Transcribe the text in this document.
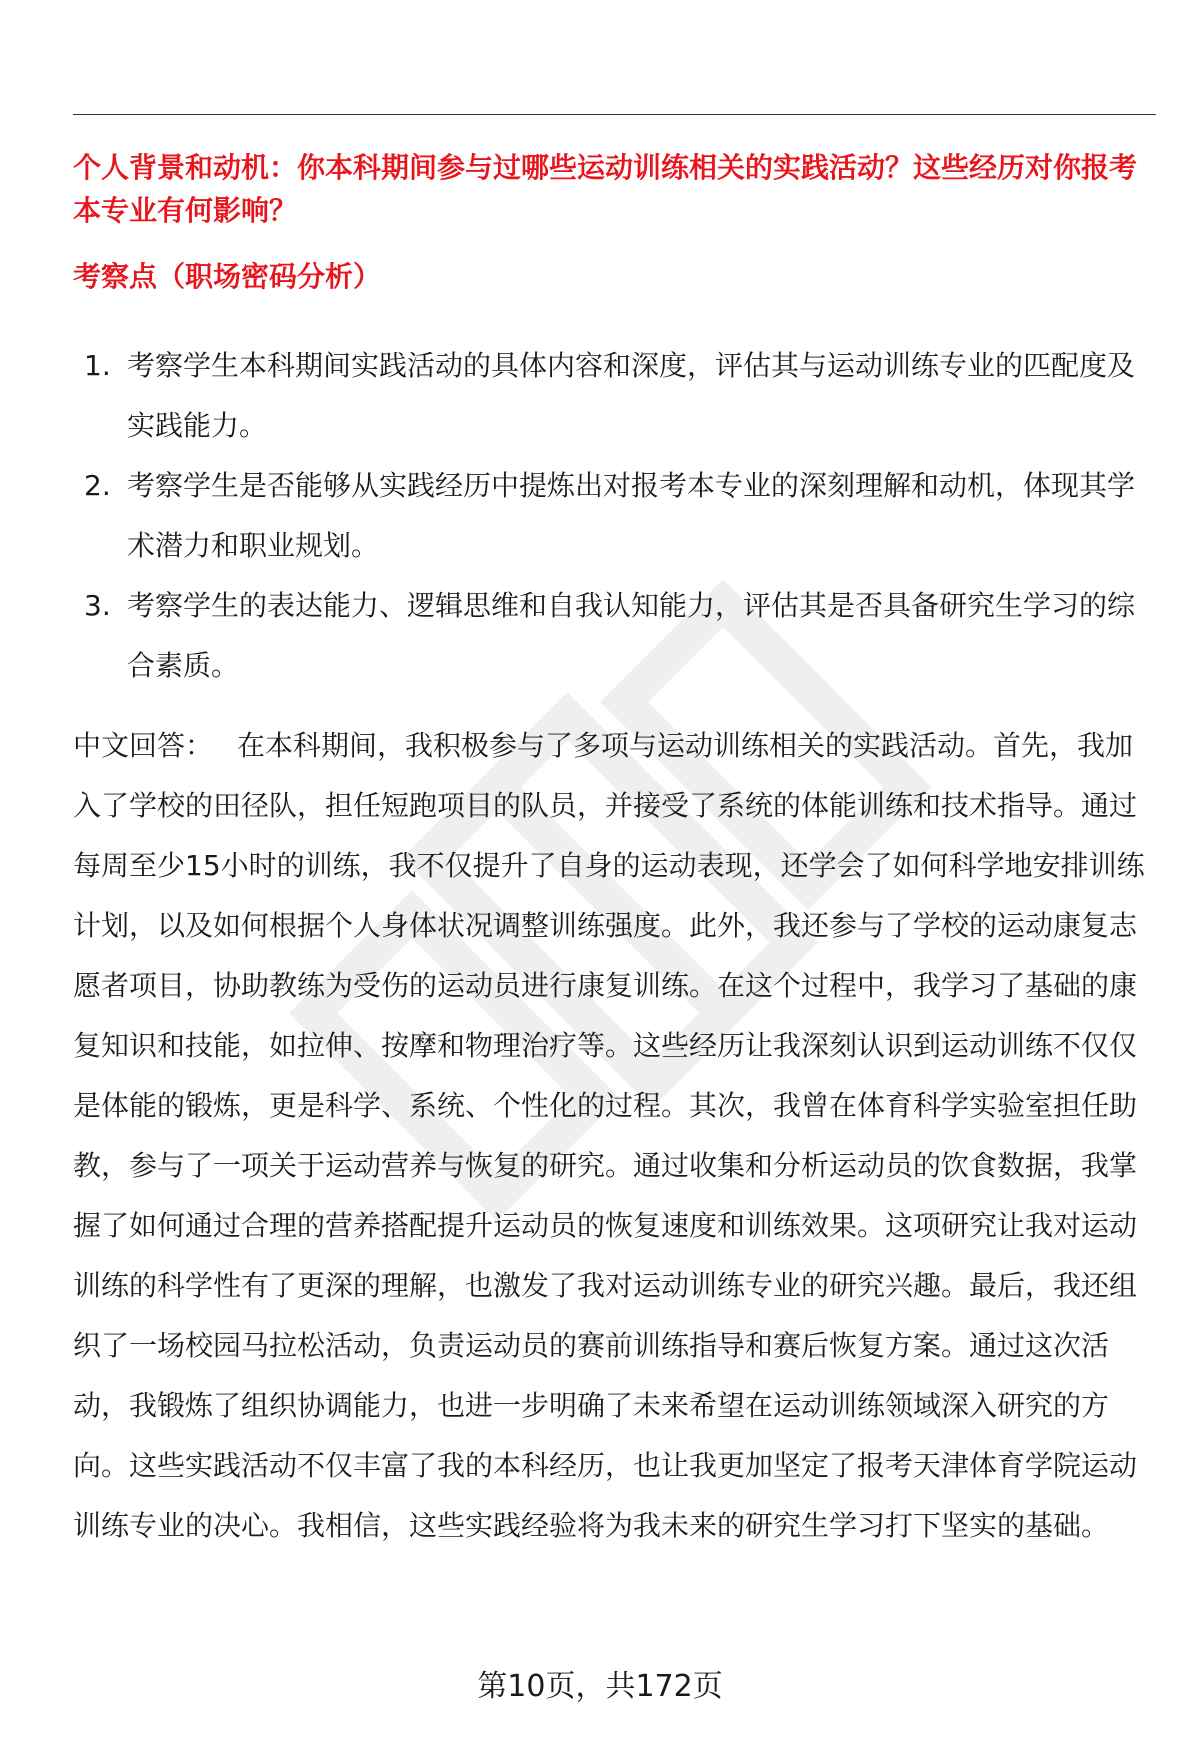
个人背景和动机：你本科期间参与过哪些运动训练相关的实践活动？这些经历对你报考本专业有何影响？

考察点（职场密码分析）

1. 考察学生本科期间实践活动的具体内容和深度，评估其与运动训练专业的匹配度及实践能力。
2. 考察学生是否能够从实践经历中提炼出对报考本专业的深刻理解和动机，体现其学术潜力和职业规划。
3. 考察学生的表达能力、逻辑思维和自我认知能力，评估其是否具备研究生学习的综合素质。

中文回答： 在本科期间，我积极参与了多项与运动训练相关的实践活动。首先，我加入了学校的田径队，担任短跑项目的队员，并接受了系统的体能训练和技术指导。通过每周至少15小时的训练，我不仅提升了自身的运动表现，还学会了如何科学地安排训练计划，以及如何根据个人身体状况调整训练强度。此外，我还参与了学校的运动康复志愿者项目，协助教练为受伤的运动员进行康复训练。在这个过程中，我学习了基础的康复知识和技能，如拉伸、按摩和物理治疗等。这些经历让我深刻认识到运动训练不仅仅是体能的锻炼，更是科学、系统、个性化的过程。其次，我曾在体育科学实验室担任助教，参与了一项关于运动营养与恢复的研究。通过收集和分析运动员的饮食数据，我掌握了如何通过合理的营养搭配提升运动员的恢复速度和训练效果。这项研究让我对运动训练的科学性有了更深的理解，也激发了我对运动训练专业的研究兴趣。最后，我还组织了一场校园马拉松活动，负责运动员的赛前训练指导和赛后恢复方案。通过这次活动，我锻炼了组织协调能力，也进一步明确了未来希望在运动训练领域深入研究的方向。这些实践活动不仅丰富了我的本科经历，也让我更加坚定了报考天津体育学院运动训练专业的决心。我相信，这些实践经验将为我未来的研究生学习打下坚实的基础。

第10页，共172页
